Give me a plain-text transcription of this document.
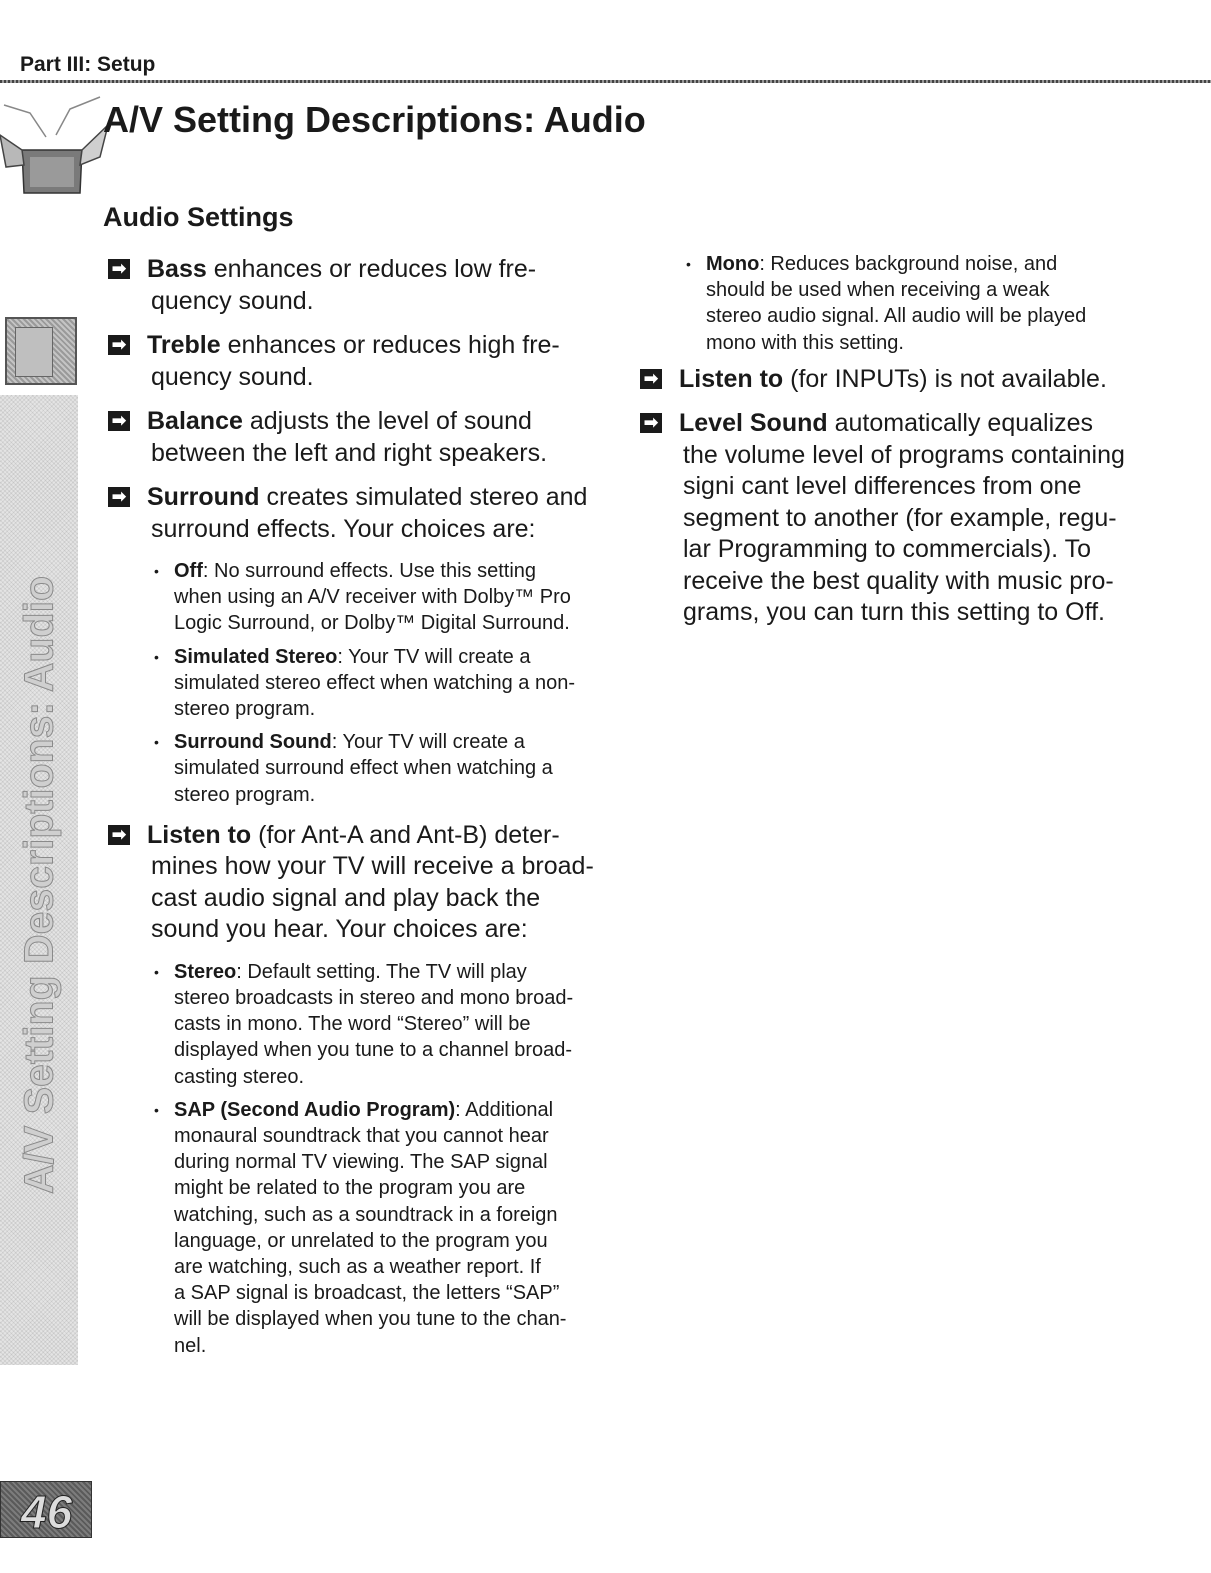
Part III: Setup
A/V Setting Descriptions: Audio
Audio Settings
A/V Setting Descriptions: Audio
➡ Bass enhances or reduces low fre-
quency sound.
➡ Treble enhances or reduces high fre-
quency sound.
➡ Balance adjusts the level of sound
between the left and right speakers.
➡ Surround creates simulated stereo and
surround effects. Your choices are:
• Off: No surround effects. Use this setting
when using an A/V receiver with Dolby™ Pro
Logic Surround, or Dolby™ Digital Surround.
• Simulated Stereo: Your TV will create a
simulated stereo effect when watching a non-
stereo program.
• Surround Sound: Your TV will create a
simulated surround effect when watching a
stereo program.
➡ Listen to (for Ant-A and Ant-B) deter-
mines how your TV will receive a broad-
cast audio signal and play back the
sound you hear. Your choices are:
• Stereo: Default setting. The TV will play
stereo broadcasts in stereo and mono broad-
casts in mono. The word “Stereo” will be
displayed when you tune to a channel broad-
casting stereo.
• SAP (Second Audio Program): Additional
monaural soundtrack that you cannot hear
during normal TV viewing. The SAP signal
might be related to the program you are
watching, such as a soundtrack in a foreign
language, or unrelated to the program you
are watching, such as a weather report. If
a SAP signal is broadcast, the letters “SAP”
will be displayed when you tune to the chan-
nel.
• Mono: Reduces background noise, and
should be used when receiving a weak
stereo audio signal. All audio will be played
mono with this setting.
➡ Listen to (for INPUTs) is not available.
➡ Level Sound automatically equalizes
the volume level of programs containing
signi cant level differences from one
segment to another (for example, regu-
lar Programming to commercials). To
receive the best quality with music pro-
grams, you can turn this setting to Off.
46
